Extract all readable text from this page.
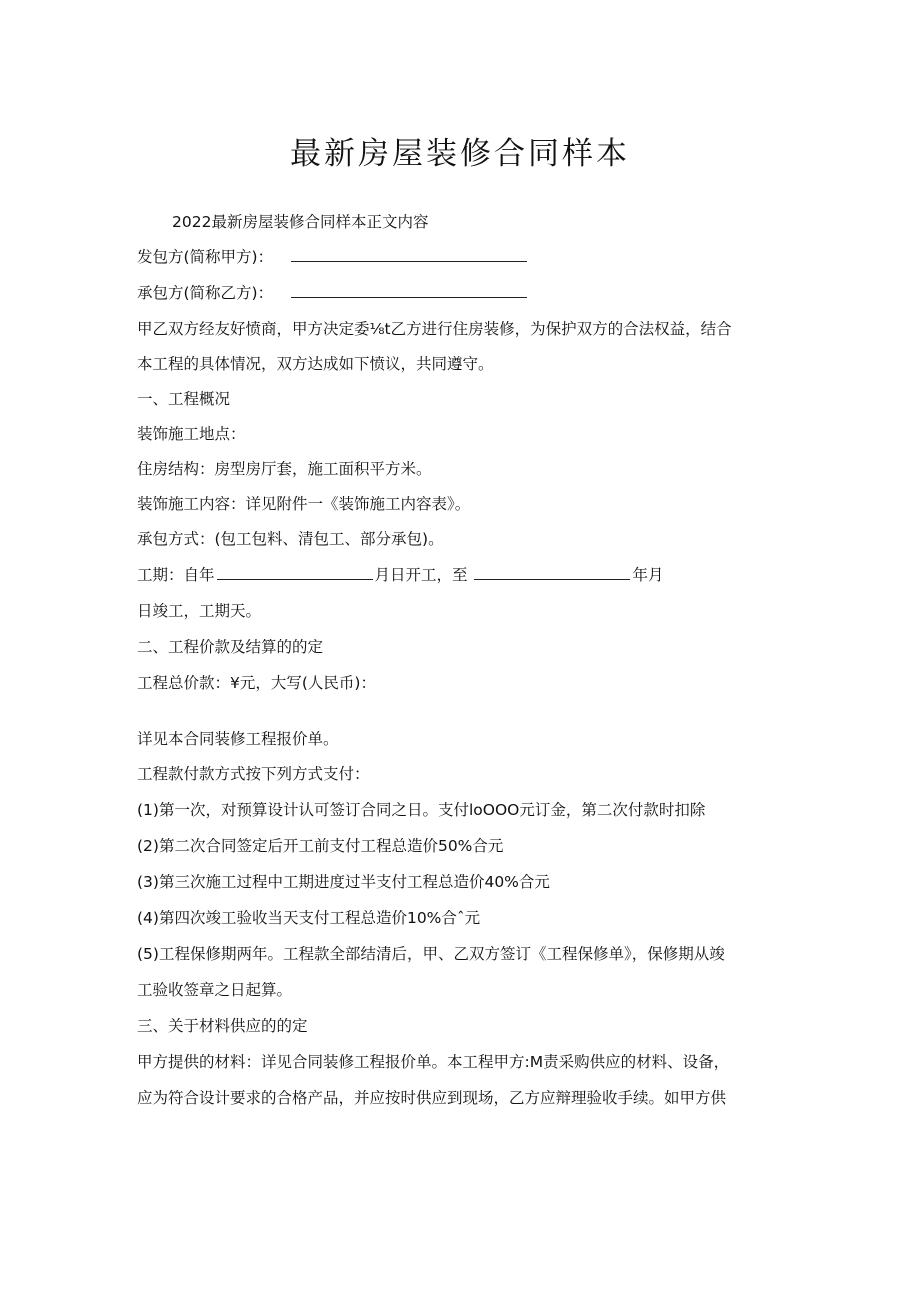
最新房屋装修合同样本
2022最新房屋装修合同样本正文内容
发包方(简称甲方)：
承包方(简称乙方)：
甲乙双方经友好愤商，甲方决定委⅛t乙方进行住房装修，为保护双方的合法权益，结合
本工程的具体情况，双方达成如下愤议，共同遵守。
一、工程概况
装饰施工地点：
住房结构：房型房厅套，施工面积平方米。
装饰施工内容：详见附件一《装饰施工内容表》。
承包方式：(包工包料、清包工、部分承包)。
工期：自年	月日开工，至	年月
日竣工，工期天。
二、工程价款及结算的的定
工程总价款：¥元，大写(人民币)：
详见本合同装修工程报价单。
工程款付款方式按下列方式支付：
(1)第一次，对预算设计认可签订合同之日。支付loOOO元订金，第二次付款时扣除
(2)第二次合同签定后开工前支付工程总造价50%合元
(3)第三次施工过程中工期进度过半支付工程总造价40%合元
(4)第四次竣工验收当天支付工程总造价10%合ˆ元
(5)工程保修期两年。工程款全部结清后，甲、乙双方签订《工程保修单》，保修期从竣
工验收签章之日起算。
三、关于材料供应的的定
甲方提供的材料：详见合同装修工程报价单。本工程甲方:M责采购供应的材料、设备，
应为符合设计要求的合格产品，并应按时供应到现场，乙方应辩理验收手续。如甲方供
